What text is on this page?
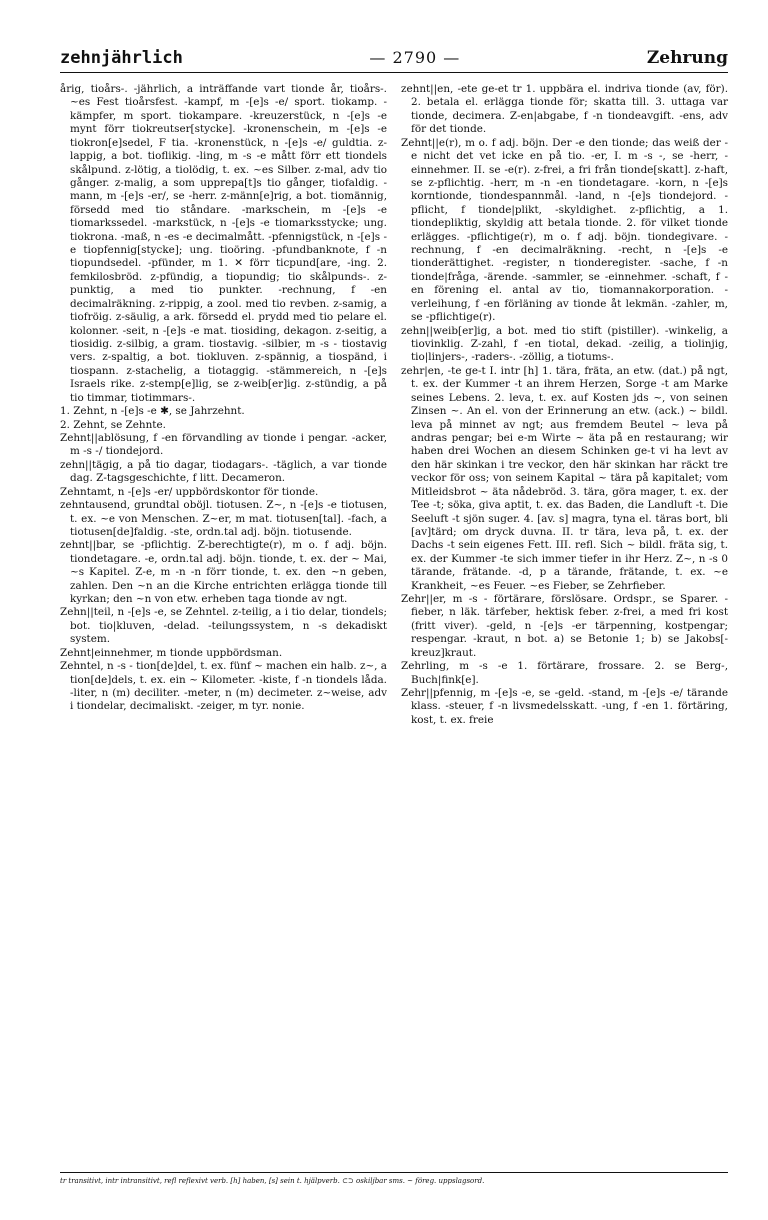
zehnjährlich	— 2790 —	Zehrung

årig, tioårs-. -jährlich, a inträffande vart tionde år, tioårs-. ~es Fest tioårsfest. -kampf, m -[e]s -e/ sport. tiokamp. -kämpfer, m sport. tiokampare. -kreuzerstück, n -[e]s -e mynt förr tiokreutser[stycke]. -kronenschein, m -[e]s -e tiokron[e]sedel, F tia. -kronenstück, n -[e]s -e/ guldtia. z-lappig, a bot. tioflikig. -ling, m -s -e mått förr ett tiondels skålpund. z-lötig, a tiolödig, t. ex. ~es Silber. z-mal, adv tio gånger. z-malig, a som upprepa[t]s tio gånger, tiofaldig. -mann, m -[e]s -er/, se -herr. z-männ[e]rig, a bot. tiomännig, försedd med tio ståndare. -markschein, m -[e]s -e tiomarkssedel. -markstück, n -[e]s -e tiomarksstycke; ung. tiokrona. -maß, n -es -e decimalmått. -pfennigstück, n -[e]s -e tiopfennig[stycke]; ung. tioöring. -pfundbanknote, f -n tiopundsedel. -pfünder, m 1. ✕ förr ticpund[are, -ing. 2. femkilosbröd. z-pfündig, a tiopundig; tio skålpunds-. z-punktig, a med tio punkter. -rechnung, f -en decimalräkning. z-rippig, a zool. med tio revben. z-samig, a tiofröig. z-säulig, a ark. försedd el. prydd med tio pelare el. kolonner. -seit, n -[e]s -e mat. tiosiding, dekagon. z-seitig, a tiosidig. z-silbig, a gram. tiostavig. -silbier, m -s - tiostavig vers. z-spaltig, a bot. tiokluven. z-spännig, a tiospänd, i tiospann. z-stachelig, a tiotaggig. -stämmereich, n -[e]s Israels rike. z-stemp[e]lig, se z-weib[er]ig. z-stündig, a på tio timmar, tiotimmars-.

1. Zehnt, n -[e]s -e ✱, se Jahrzehnt.

2. Zehnt, se Zehnte.

Zehnt||ablösung, f -en förvandling av tionde i pengar. -acker, m -s -/ tiondejord.

zehn||tägig, a på tio dagar, tiodagars-. -täglich, a var tionde dag. Z-tagsgeschichte, f litt. Decameron.

Zehntamt, n -[e]s -er/ uppbördskontor för tionde.

zehntausend, grundtal oböjl. tiotusen. Z~, n -[e]s -e tiotusen, t. ex. ~e von Menschen. Z~er, m mat. tiotusen[tal]. -fach, a tiotusen[de]faldig. -ste, ordn.tal adj. böjn. tiotusende.

zehnt||bar, se -pflichtig. Z-berechtigte(r), m o. f adj. böjn. tiondetagare. -e, ordn.tal adj. böjn. tionde, t. ex. der ~ Mai, ~s Kapitel. Z-e, m -n -n förr tionde, t. ex. den ~n geben, zahlen. Den ~n an die Kirche entrichten erlägga tionde till kyrkan; den ~n von etw. erheben taga tionde av ngt.

Zehn||teil, n -[e]s -e, se Zehntel. z-teilig, a i tio delar, tiondels; bot. tio|kluven, -delad. -teilungssystem, n -s dekadiskt system.

Zehnt|einnehmer, m tionde uppbördsman.

Zehntel, n -s - tion[de]del, t. ex. fünf ~ machen ein halb. z~, a tion[de]dels, t. ex. ein ~ Kilometer. -kiste, f -n tiondels låda. -liter, n (m) deciliter. -meter, n (m) decimeter. z~weise, adv i tiondelar, decimaliskt. -zeiger, m tyr. nonie.

zehnt||en, -ete ge-et tr 1. uppbära el. indriva tionde (av, för). 2. betala el. erlägga tionde för; skatta till. 3. uttaga var tionde, decimera. Z-en|abgabe, f -n tiondeavgift. -ens, adv för det tionde.

Zehnt||e(r), m o. f adj. böjn. Der -e den tionde; das weiß der -e nicht det vet icke en på tio. -er, I. m -s -, se -herr, -einnehmer. II. se -e(r). z-frei, a fri från tionde[skatt]. z-haft, se z-pflichtig. -herr, m -n -en tiondetagare. -korn, n -[e]s korntionde, tiondespannmål. -land, n -[e]s tiondejord. -pflicht, f tionde|plikt, -skyldighet. z-pflichtig, a 1. tiondepliktig, skyldig att betala tionde. 2. för vilket tionde erlägges. -pflichtige(r), m o. f adj. böjn. tiondegivare. -rechnung, f -en decimalräkning. -recht, n -[e]s -e tionderättighet. -register, n tionderegister. -sache, f -n tionde|fråga, -ärende. -sammler, se -einnehmer. -schaft, f -en förening el. antal av tio, tiomannakorporation. -verleihung, f -en förläning av tionde åt lekmän. -zahler, m, se -pflichtige(r).

zehn||weib[er]ig, a bot. med tio stift (pistiller). -winkelig, a tiovinklig. Z-zahl, f -en tiotal, dekad. -zeilig, a tiolinjig, tio|linjers-, -raders-. -zöllig, a tiotums-.

zehr|en, -te ge-t I. intr [h] 1. tära, fräta, an etw. (dat.) på ngt, t. ex. der Kummer -t an ihrem Herzen, Sorge -t am Marke seines Lebens. 2. leva, t. ex. auf Kosten jds ~, von seinen Zinsen ~. An el. von der Erinnerung an etw. (ack.) ~ bildl. leva på minnet av ngt; aus fremdem Beutel ~ leva på andras pengar; bei e-m Wirte ~ äta på en restaurang; wir haben drei Wochen an diesem Schinken ge-t vi ha levt av den här skinkan i tre veckor, den här skinkan har räckt tre veckor för oss; von seinem Kapital ~ tära på kapitalet; vom Mitleidsbrot ~ äta nådebröd. 3. tära, göra mager, t. ex. der Tee -t; söka, giva aptit, t. ex. das Baden, die Landluft -t. Die Seeluft -t sjön suger. 4. [av. s] magra, tyna el. täras bort, bli [av]tärd; om dryck duvna. II. tr tära, leva på, t. ex. der Dachs -t sein eigenes Fett. III. refl. Sich ~ bildl. fräta sig, t. ex. der Kummer -te sich immer tiefer in ihr Herz. Z~, n -s 0 tärande, frätande. -d, p a tärande, frätande, t. ex. ~e Krankheit, ~es Feuer. ~es Fieber, se Zehrfieber.

Zehr||er, m -s - förtärare, förslösare. Ordspr., se Sparer. -fieber, n läk. tärfeber, hektisk feber. z-frei, a med fri kost (fritt viver). -geld, n -[e]s -er tärpenning, kostpengar; respengar. -kraut, n bot. a) se Betonie 1; b) se Jakobs[-kreuz]kraut.

Zehrling, m -s -e 1. förtärare, frossare. 2. se Berg-, Buch|fink[e].

Zehr||pfennig, m -[e]s -e, se -geld. -stand, m -[e]s -e/ tärande klass. -steuer, f -n livsmedelsskatt. -ung, f -en 1. förtäring, kost, t. ex. freie

tr transitivt, intr intransitivt, refl reflexivt verb. [h] haben, [s] sein t. hjälpverb. ⊂⊃ oskiljbar sms. ~ föreg. uppslagsord.
